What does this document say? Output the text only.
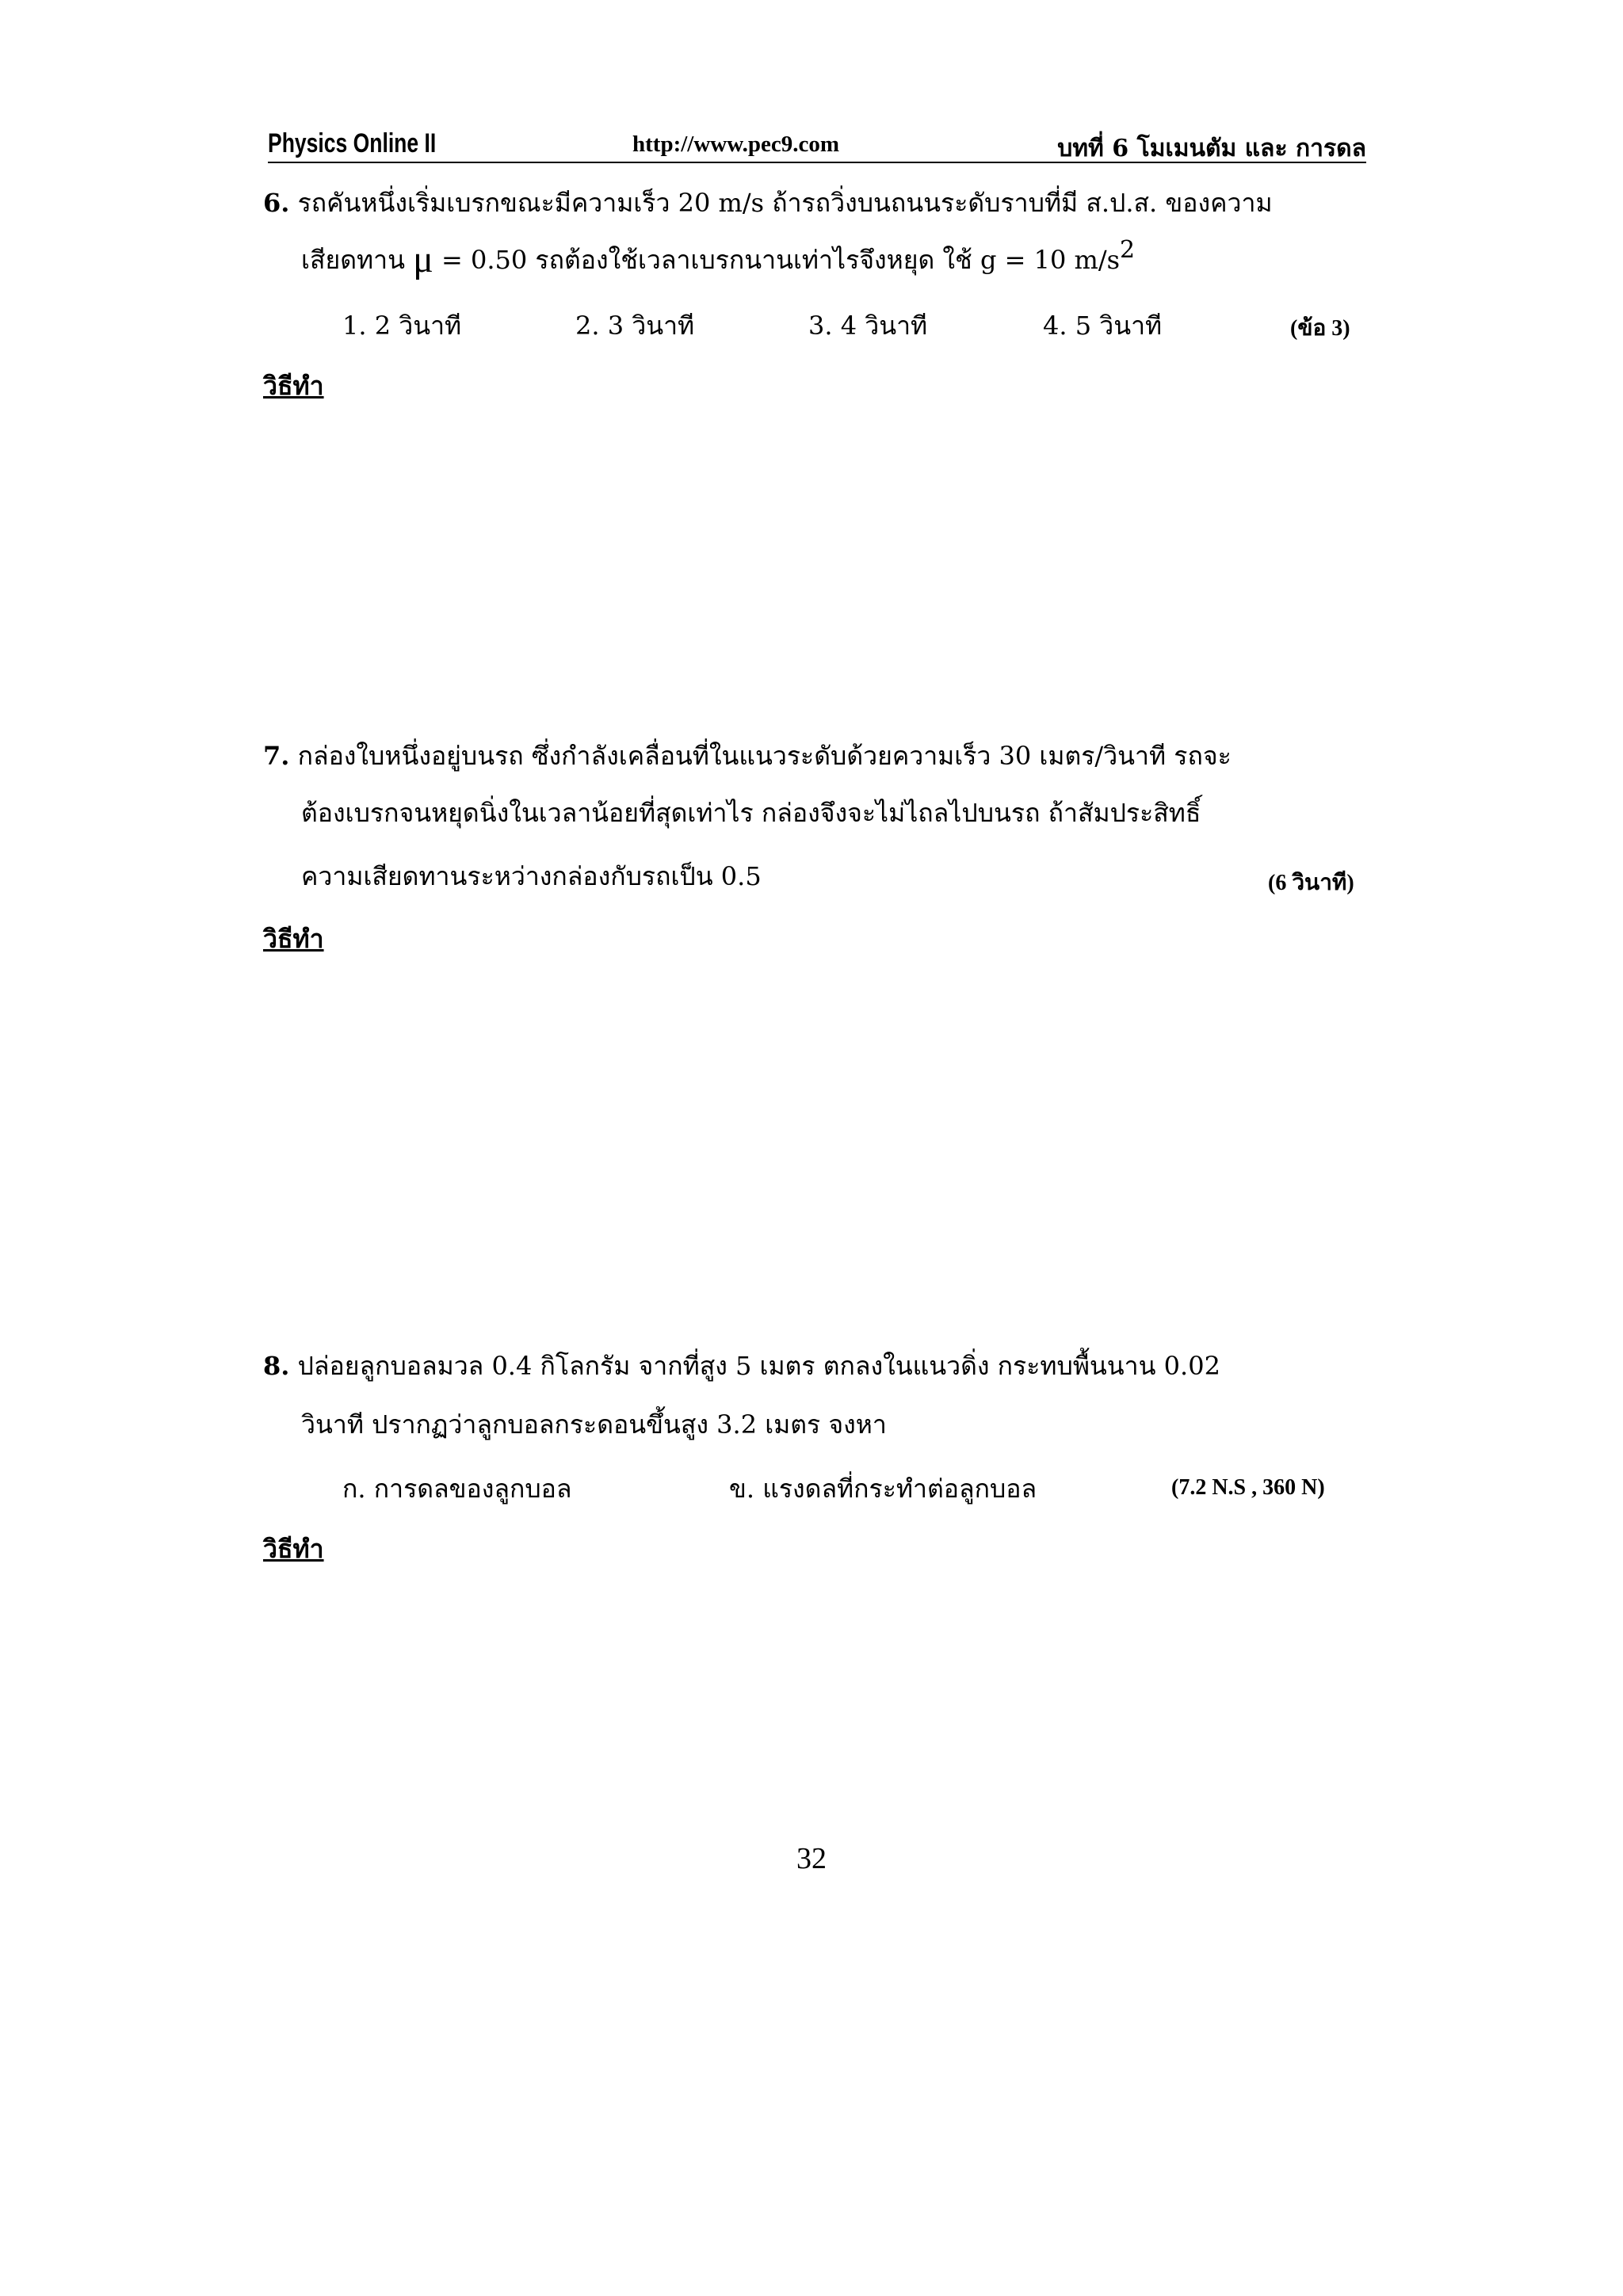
Physics Online II	http://www.pec9.com	บทที่ 6 โมเมนตัม และ การดล
6. รถคันหนึ่งเริ่มเบรกขณะมีความเร็ว 20 m/s ถ้ารถวิ่งบนถนนระดับราบที่มี ส.ป.ส. ของความ
เสียดทาน μ = 0.50 รถต้องใช้เวลาเบรกนานเท่าไรจึงหยุด ใช้ g = 10 $m/s^2$
1. 2 วินาที	2. 3 วินาที	3. 4 วินาที	4. 5 วินาที	(ข้อ 3)
วิธีทำ
7. กล่องใบหนึ่งอยู่บนรถ ซึ่งกำลังเคลื่อนที่ในแนวระดับด้วยความเร็ว 30 เมตร/วินาที รถจะ
ต้องเบรกจนหยุดนิ่งในเวลาน้อยที่สุดเท่าไร กล่องจึงจะไม่ไถลไปบนรถ ถ้าสัมประสิทธิ์
ความเสียดทานระหว่างกล่องกับรถเป็น 0.5	(6 วินาที)
วิธีทำ
8. ปล่อยลูกบอลมวล 0.4 กิโลกรัม จากที่สูง 5 เมตร ตกลงในแนวดิ่ง กระทบพื้นนาน 0.02
วินาที ปรากฏว่าลูกบอลกระดอนขึ้นสูง 3.2 เมตร จงหา
ก. การดลของลูกบอล	ข. แรงดลที่กระทำต่อลูกบอล	(7.2 N.S , 360 N)
วิธีทำ
32
